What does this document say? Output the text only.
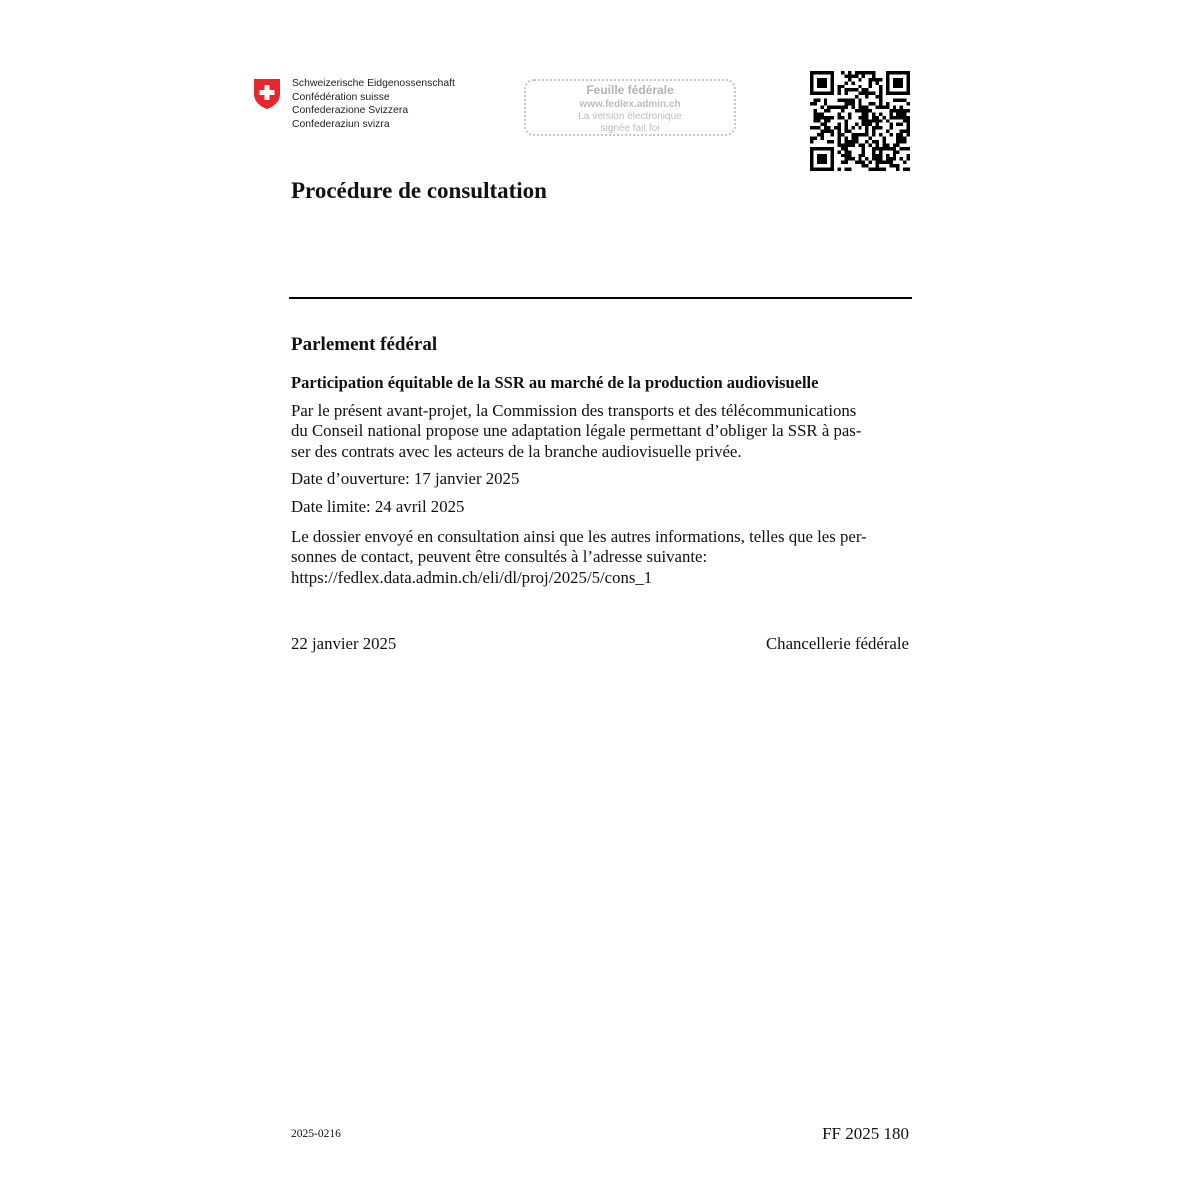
Schweizerische Eidgenossenschaft
Confédération suisse
Confederazione Svizzera
Confederaziun svizra
Feuille fédérale
www.fedlex.admin.ch
La version électronique
signée fait foi
Procédure de consultation
Parlement fédéral
Participation équitable de la SSR au marché de la production audiovisuelle
Par le présent avant-projet, la Commission des transports et des télécommunications
du Conseil national propose une adaptation légale permettant d’obliger la SSR à pas-
ser des contrats avec les acteurs de la branche audiovisuelle privée.
Date d’ouverture: 17 janvier 2025
Date limite: 24 avril 2025
Le dossier envoyé en consultation ainsi que les autres informations, telles que les per-
sonnes de contact, peuvent être consultés à l’adresse suivante:
https://fedlex.data.admin.ch/eli/dl/proj/2025/5/cons_1
22 janvier 2025	Chancellerie fédérale
2025-0216	FF 2025 180
